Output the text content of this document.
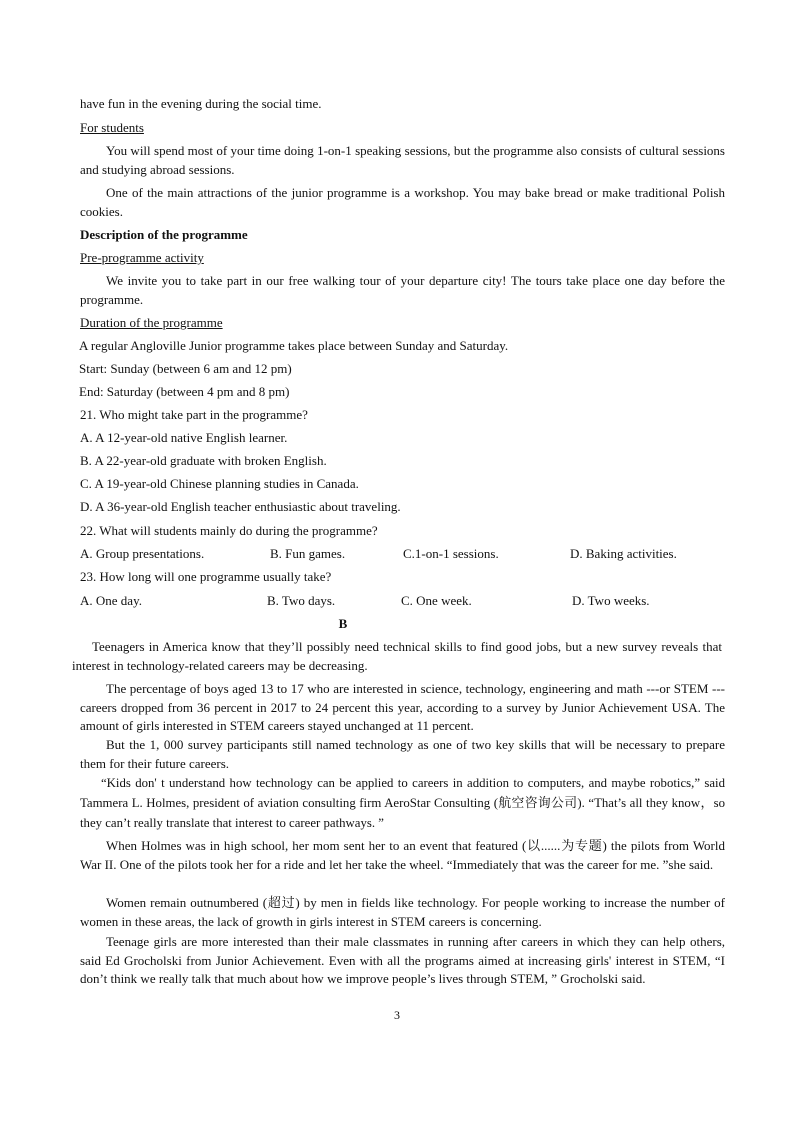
have fun in the evening during the social time.
For students
You will spend most of your time doing 1-on-1 speaking sessions, but the programme also consists of cultural sessions and studying abroad sessions.
One of the main attractions of the junior programme is a workshop. You may bake bread or make traditional Polish cookies.
Description of the programme
Pre-programme activity
We invite you to take part in our free walking tour of your departure city! The tours take place one day before the programme.
Duration of the programme
A regular Angloville Junior programme takes place between Sunday and Saturday.
Start: Sunday (between 6 am and 12 pm)
End: Saturday (between 4 pm and 8 pm)
21. Who might take part in the programme?
A. A 12-year-old native English learner.
B. A 22-year-old graduate with broken English.
C. A 19-year-old Chinese planning studies in Canada.
D. A 36-year-old English teacher enthusiastic about traveling.
22. What will students mainly do during the programme?
A. Group presentations.	B. Fun games.	C.1-on-1 sessions.	D. Baking activities.
23. How long will one programme usually take?
A. One day.	B. Two days.	C. One week.	D. Two weeks.
B
Teenagers in America know that they’ll possibly need technical skills to find good jobs, but a new survey reveals that interest in technology-related careers may be decreasing.
The percentage of boys aged 13 to 17 who are interested in science, technology, engineering and math ---or STEM ---careers dropped from 36 percent in 2017 to 24 percent this year, according to a survey by Junior Achievement USA. The amount of girls interested in STEM careers stayed unchanged at 11 percent.
But the 1, 000 survey participants still named technology as one of two key skills that will be necessary to prepare them for their future careers.
“Kids don' t understand how technology can be applied to careers in addition to computers, and maybe robotics,” said Tammera L. Holmes, president of aviation consulting firm AeroStar Consulting (航空咨询公司). “That’s all they know，so they can’t really translate that interest to career pathways. ”
When Holmes was in high school, her mom sent her to an event that featured (以......为专题) the pilots from World War II. One of the pilots took her for a ride and let her take the wheel. “Immediately that was the career for me. ”she said.
Women remain outnumbered (超过) by men in fields like technology. For people working to increase the number of women in these areas, the lack of growth in girls interest in STEM careers is concerning.
Teenage girls are more interested than their male classmates in running after careers in which they can help others, said Ed Grocholski from Junior Achievement. Even with all the programs aimed at increasing girls' interest in STEM, “I don’t think we really talk that much about how we improve people’s lives through STEM, ” Grocholski said.
3
